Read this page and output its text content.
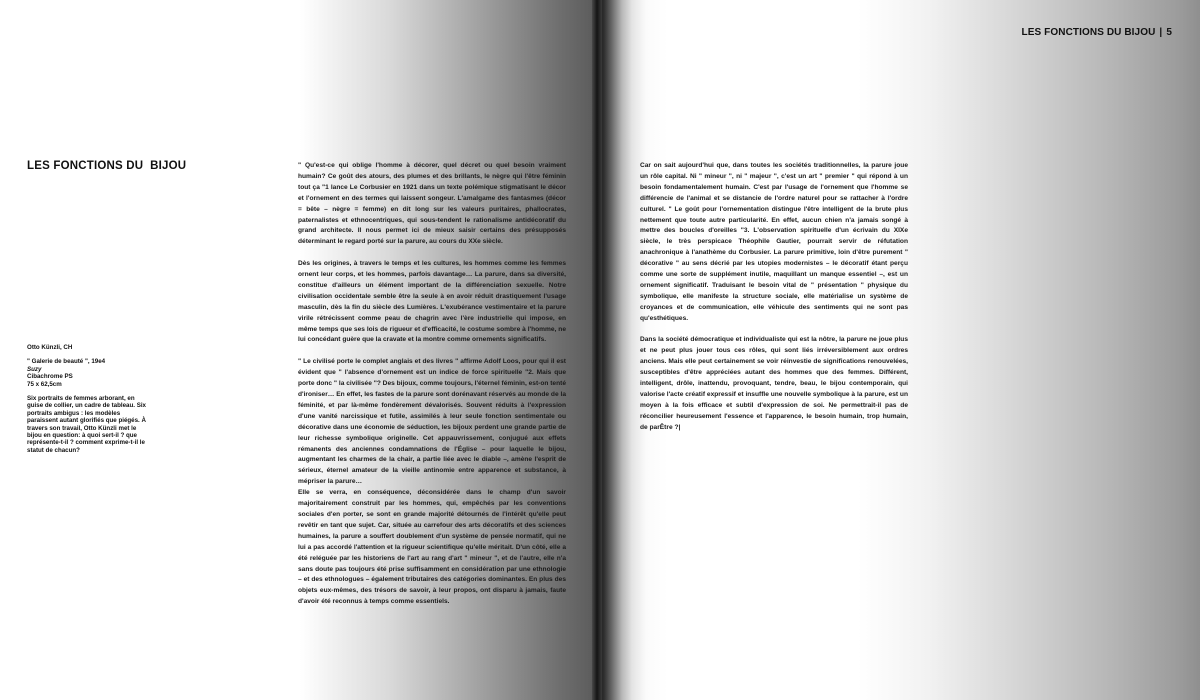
LES FONCTIONS DU  BIJOU
Otto Künzli, CH
" Galerie de beauté ", 19e4
Suzy
Cibachrome PS
75 x 62,5cm
Six portraits de femmes arborant, en guise de collier, un cadre de tableau. Six portraits ambigus : les modèles paraissent autant glorifiés que piégés. À travers son travail, Otto Künzli met le bijou en question: à quoi sert-il ? que représente-t-il ? comment exprime-t-il le statut de chacun?

" Qu'est-ce qui oblige l'homme à décorer, quel décret ou quel besoin vraiment humain? Ce goût des atours, des plumes et des brillants, le nègre qui l'être féminin tout ça "1 lance Le Corbusier en 1921 dans un texte polémique stigmatisant le décor et l'ornement en des termes qui laissent songeur. L'amalgame des fantasmes (décor = bête – nègre = femme) en dit long sur les valeurs puritaires, phallocrates, paternalistes et ethnocentriques, qui sous-tendent le rationalisme antidécoratif du grand architecte. Il nous permet ici de mieux saisir certains des présupposés déterminant le regard porté sur la parure, au cours du XXe siècle.

Dès les origines, à travers le temps et les cultures, les hommes comme les femmes ornent leur corps, et les hommes, parfois davantage… La parure, dans sa diversité, constitue d'ailleurs un élément important de la différenciation sexuelle. Notre civilisation occidentale semble être la seule à en avoir réduit drastiquement l'usage masculin, dès la fin du siècle des Lumières. L'exubérance vestimentaire et la parure virile rétrécissent comme peau de chagrin avec l'ère industrielle qui impose, en même temps que ses lois de rigueur et d'efficacité, le costume sombre à l'homme, ne lui concédant guère que la cravate et la montre comme ornements significatifs.

" Le civilisé porte le complet anglais et des livres " affirme Adolf Loos, pour qui il est évident que " l'absence d'ornement est un indice de force spirituelle "2. Mais que porte donc " la civilisée "? Des bijoux, comme toujours, l'éternel féminin, est-on tenté d'ironiser… En effet, les fastes de la parure sont dorénavant réservés au monde de la féminité, et par là-même fondèrement dévalorisés. Souvent réduits à l'expression d'une vanité narcissique et futile, assimilés à leur seule fonction sentimentale ou décorative dans une économie de séduction, les bijoux perdent une grande partie de leur richesse symbolique originelle. Cet appauvrissement, conjugué aux effets rémanents des anciennes condamnations de l'Église – pour laquelle le bijou, augmentant les charmes de la chair, a partie liée avec le diable –, amène l'esprit de sérieux, éternel amateur de la vieille antinomie entre apparence et substance, à mépriser la parure…

Elle se verra, en conséquence, déconsidérée dans le champ d'un savoir majoritairement construit par les hommes, qui, empêchés par les conventions sociales d'en porter, se sont en grande majorité détournés de l'intérêt qu'elle peut revêtir en tant que sujet. Car, située au carrefour des arts décoratifs et des sciences humaines, la parure a souffert doublement d'un système de pensée normatif, qui ne lui a pas accordé l'attention et la rigueur scientifique qu'elle méritait. D'un côté, elle a été reléguée par les historiens de l'art au rang d'art " mineur ", et de l'autre, elle n'a sans doute pas toujours été prise suffisamment en considération par une ethnologie – et des ethnologues – également tributaires des catégories dominantes. En plus des objets eux-mêmes, des trésors de savoir, à leur propos, ont disparu à jamais, faute d'avoir été reconnus à temps comme essentiels.

LES FONCTIONS DU BIJOU | 5

Car on sait aujourd'hui que, dans toutes les sociétés traditionnelles, la parure joue un rôle capital. Ni " mineur ", ni " majeur ", c'est un art " premier " qui répond à un besoin fondamentalement humain. C'est par l'usage de l'ornement que l'homme se différencie de l'animal et se distancie de l'ordre naturel pour se rattacher à l'ordre culturel. " Le goût pour l'ornementation distingue l'être intelligent de la brute plus nettement que toute autre particularité. En effet, aucun chien n'a jamais songé à mettre des boucles d'oreilles "3. L'observation spirituelle d'un écrivain du XIXe siècle, le très perspicace Théophile Gautier, pourrait servir de réfutation anachronique à l'anathème du Corbusier. La parure primitive, loin d'être purement " décorative " au sens décrié par les utopies modernistes – le décoratif étant perçu comme une sorte de supplément inutile, maquillant un manque essentiel –, est un ornement significatif. Traduisant le besoin vital de " présentation " physique du symbolique, elle manifeste la structure sociale, elle matérialise un système de croyances et de communication, elle véhicule des sentiments qui ne sont pas qu'esthétiques.

Dans la société démocratique et individualiste qui est la nôtre, la parure ne joue plus et ne peut plus jouer tous ces rôles, qui sont liés irréversiblement aux ordres anciens. Mais elle peut certainement se voir réinvestie de significations renouvelées, susceptibles d'être appréciées autant des hommes que des femmes. Différent, intelligent, drôle, inattendu, provoquant, tendre, beau, le bijou contemporain, qui valorise l'acte créatif expressif et insuffle une nouvelle symbolique à la parure, est un moyen à la fois efficace et subtil d'expression de soi. Ne permettrait-il pas de réconcilier heureusement l'essence et l'apparence, le besoin humain, trop humain, de parÊtre ?|
